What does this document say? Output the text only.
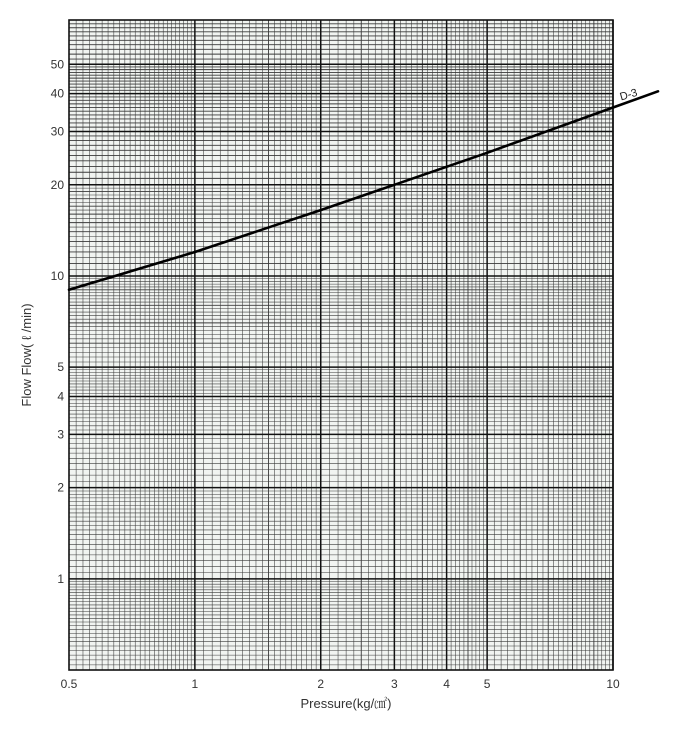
D-3
0.5	1	2	3	4	5	10
1
2
3
4
5
10
20
30
40
50
Pressure(kg/㎠)
Flow Flow( ℓ /min)
